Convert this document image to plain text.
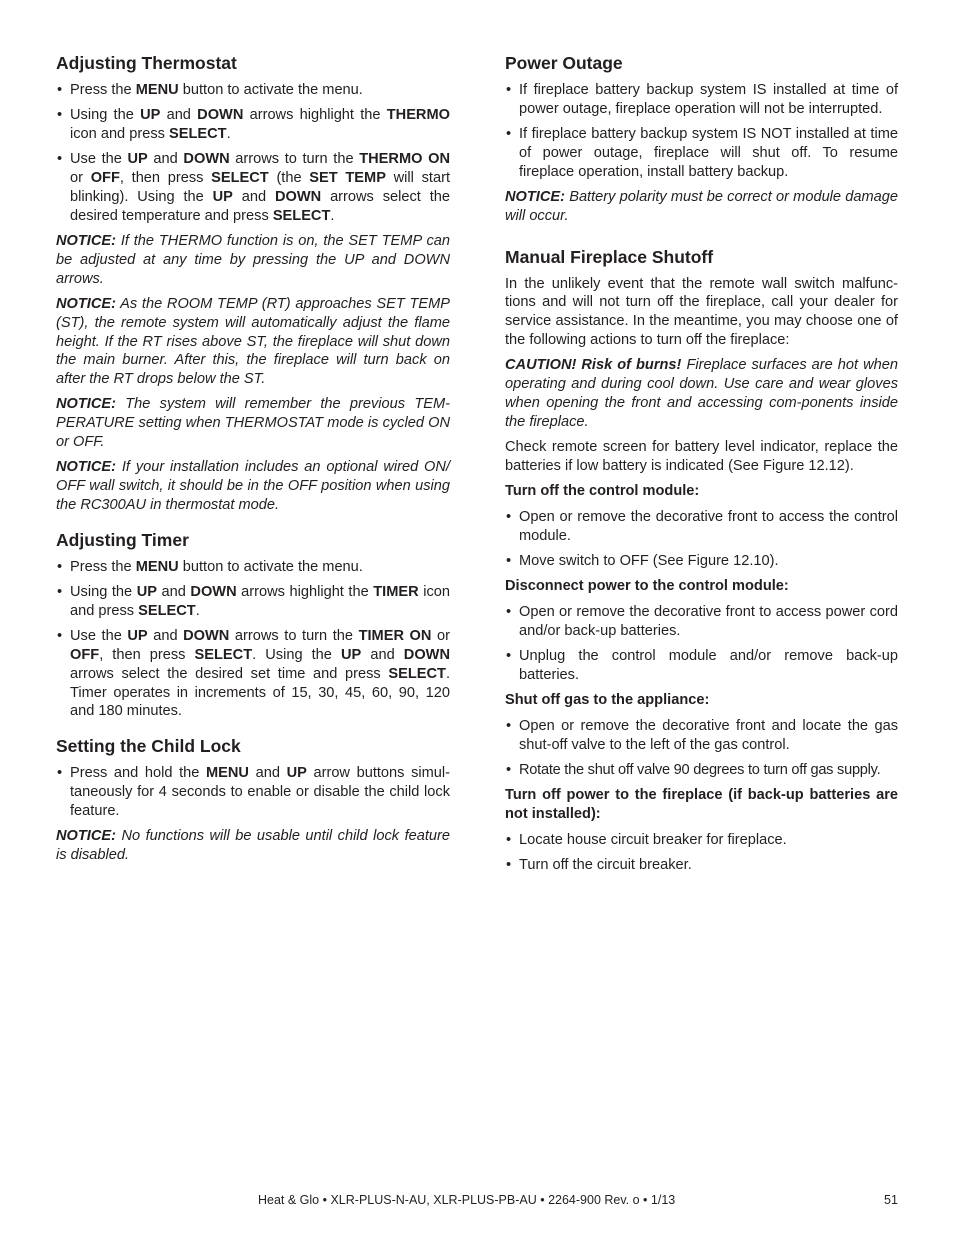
Adjusting Thermostat
• Press the MENU button to activate the menu.
• Using the UP and DOWN arrows highlight the THERMO icon and press SELECT.
• Use the UP and DOWN arrows to turn the THERMO ON or OFF, then press SELECT (the SET TEMP will start blinking). Using the UP and DOWN arrows select the desired temperature and press SELECT.

NOTICE: If the THERMO function is on, the SET TEMP can be adjusted at any time by pressing the UP and DOWN arrows.

NOTICE: As the ROOM TEMP (RT) approaches SET TEMP (ST), the remote system will automatically adjust the flame height. If the RT rises above ST, the fireplace will shut down the main burner. After this, the fireplace will turn back on after the RT drops below the ST.

NOTICE: The system will remember the previous TEM-PERATURE setting when THERMOSTAT mode is cycled ON or OFF.

NOTICE: If your installation includes an optional wired ON/ OFF wall switch, it should be in the OFF position when using the RC300AU in thermostat mode.

Adjusting Timer
• Press the MENU button to activate the menu.
• Using the UP and DOWN arrows highlight the TIMER icon and press SELECT.
• Use the UP and DOWN arrows to turn the TIMER ON or OFF, then press SELECT. Using the UP and DOWN arrows select the desired set time and press SELECT. Timer operates in increments of 15, 30, 45, 60, 90, 120 and 180 minutes.
Setting the Child Lock
• Press and hold the MENU and UP arrow buttons simul-taneously for 4 seconds to enable or disable the child lock feature.

NOTICE: No functions will be usable until child lock feature is disabled.

Power Outage
• If fireplace battery backup system IS installed at time of power outage, fireplace operation will not be interrupted.
• If fireplace battery backup system IS NOT installed at time of power outage, fireplace will shut off. To resume fireplace operation, install battery backup.

NOTICE: Battery polarity must be correct or module damage will occur.

Manual Fireplace Shutoff

In the unlikely event that the remote wall switch malfunc-tions and will not turn off the fireplace, call your dealer for service assistance. In the meantime, you may choose one of the following actions to turn off the fireplace:

CAUTION! Risk of burns! Fireplace surfaces are hot when operating and during cool down. Use care and wear gloves when opening the front and accessing com-ponents inside the fireplace.

Check remote screen for battery level indicator, replace the batteries if low battery is indicated (See Figure 12.12).

Turn off the control module:
• Open or remove the decorative front to access the control module.
• Move switch to OFF (See Figure 12.10).
Disconnect power to the control module:
• Open or remove the decorative front to access power cord and/or back-up batteries.
• Unplug the control module and/or remove back-up batteries.
Shut off gas to the appliance:
• Open or remove the decorative front and locate the gas shut-off valve to the left of the gas control.
• Rotate the shut off valve 90 degrees to turn off gas supply.
Turn off power to the fireplace (if back-up batteries are not installed):
• Locate house circuit breaker for fireplace.
• Turn off the circuit breaker.
Heat & Glo • XLR-PLUS-N-AU, XLR-PLUS-PB-AU • 2264-900 Rev. o • 1/13	51
